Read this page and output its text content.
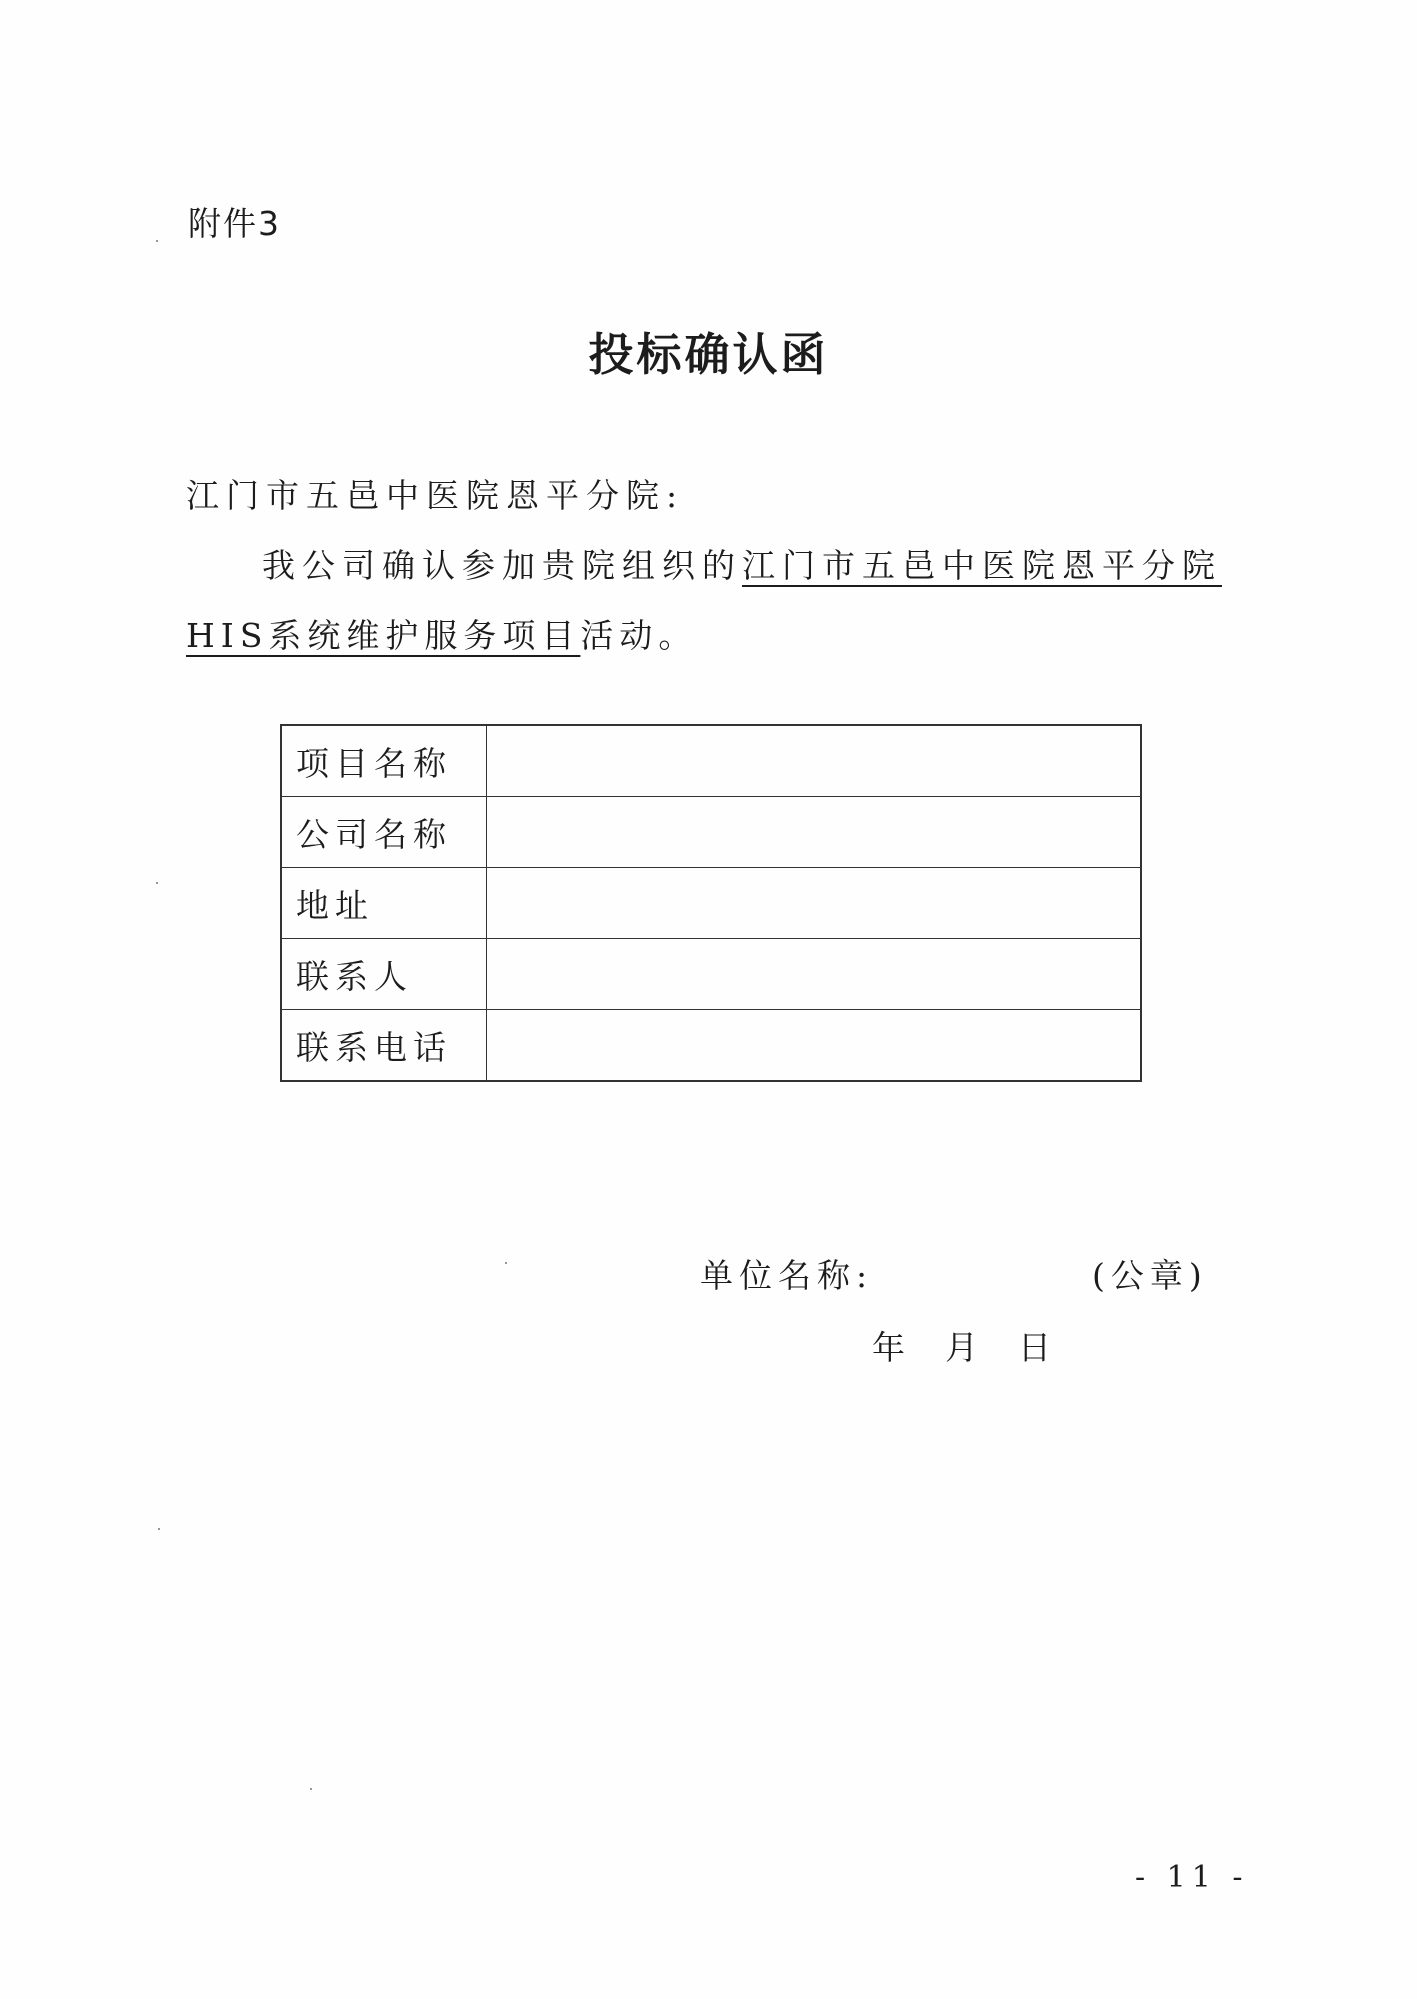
附件3
投标确认函
江门市五邑中医院恩平分院:
我公司确认参加贵院组织的江门市五邑中医院恩平分院
HIS系统维护服务项目活动。
项目名称	
公司名称	
地址	
联系人	
联系电话	
单位名称:	(公章)
年 月 日
- 11 -
